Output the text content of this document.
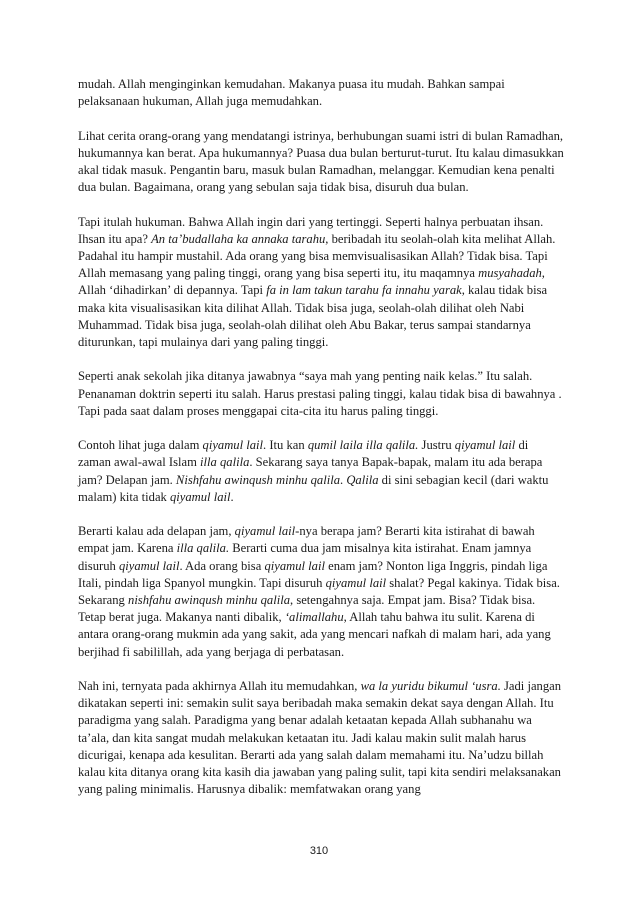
mudah. Allah menginginkan kemudahan. Makanya puasa itu mudah. Bahkan sampai pelaksanaan hukuman, Allah juga memudahkan.

Lihat cerita orang-orang yang mendatangi istrinya, berhubungan suami istri di bulan Ramadhan, hukumannya kan berat. Apa hukumannya? Puasa dua bulan berturut-turut. Itu kalau dimasukkan akal tidak masuk. Pengantin baru, masuk bulan Ramadhan, melanggar. Kemudian kena penalti dua bulan. Bagaimana, orang yang sebulan saja tidak bisa, disuruh dua bulan.

Tapi itulah hukuman. Bahwa Allah ingin dari yang tertinggi. Seperti halnya perbuatan ihsan. Ihsan itu apa? An ta’budallaha ka annaka tarahu, beribadah itu seolah-olah kita melihat Allah. Padahal itu hampir mustahil. Ada orang yang bisa memvisualisasikan Allah? Tidak bisa. Tapi Allah memasang yang paling tinggi, orang yang bisa seperti itu, itu maqamnya musyahadah, Allah ‘dihadirkan’ di depannya. Tapi fa in lam takun tarahu fa innahu yarak, kalau tidak bisa maka kita visualisasikan kita dilihat Allah. Tidak bisa juga, seolah-olah dilihat oleh Nabi Muhammad. Tidak bisa juga, seolah-olah dilihat oleh Abu Bakar, terus sampai standarnya diturunkan, tapi mulainya dari yang paling tinggi.

Seperti anak sekolah jika ditanya jawabnya “saya mah yang penting naik kelas.” Itu salah. Penanaman doktrin seperti itu salah. Harus prestasi paling tinggi, kalau tidak bisa di bawahnya . Tapi pada saat dalam proses menggapai cita-cita itu harus paling tinggi.

Contoh lihat juga dalam qiyamul lail. Itu kan qumil laila illa qalila. Justru qiyamul lail di zaman awal-awal Islam illa qalila. Sekarang saya tanya Bapak-bapak, malam itu ada berapa jam? Delapan jam. Nishfahu awinqush minhu qalila. Qalila di sini sebagian kecil (dari waktu malam) kita tidak qiyamul lail.

Berarti kalau ada delapan jam, qiyamul lail-nya berapa jam? Berarti kita istirahat di bawah empat jam. Karena illa qalila. Berarti cuma dua jam misalnya kita istirahat. Enam jamnya disuruh qiyamul lail. Ada orang bisa qiyamul lail enam jam? Nonton liga Inggris, pindah liga Itali, pindah liga Spanyol mungkin. Tapi disuruh qiyamul lail shalat? Pegal kakinya. Tidak bisa. Sekarang nishfahu awinqush minhu qalila, setengahnya saja. Empat jam. Bisa? Tidak bisa. Tetap berat juga. Makanya nanti dibalik, ‘alimallahu, Allah tahu bahwa itu sulit. Karena di antara orang-orang mukmin ada yang sakit, ada yang mencari nafkah di malam hari, ada yang berjihad fi sabilillah, ada yang berjaga di perbatasan.

Nah ini, ternyata pada akhirnya Allah itu memudahkan, wa la yuridu bikumul ‘usra. Jadi jangan dikatakan seperti ini: semakin sulit saya beribadah maka semakin dekat saya dengan Allah. Itu paradigma yang salah. Paradigma yang benar adalah ketaatan kepada Allah subhanahu wa ta’ala, dan kita sangat mudah melakukan ketaatan itu. Jadi kalau makin sulit malah harus dicurigai, kenapa ada kesulitan. Berarti ada yang salah dalam memahami itu. Na’udzu billah kalau kita ditanya orang kita kasih dia jawaban yang paling sulit, tapi kita sendiri melaksanakan yang paling minimalis. Harusnya dibalik: memfatwakan orang yang

310
